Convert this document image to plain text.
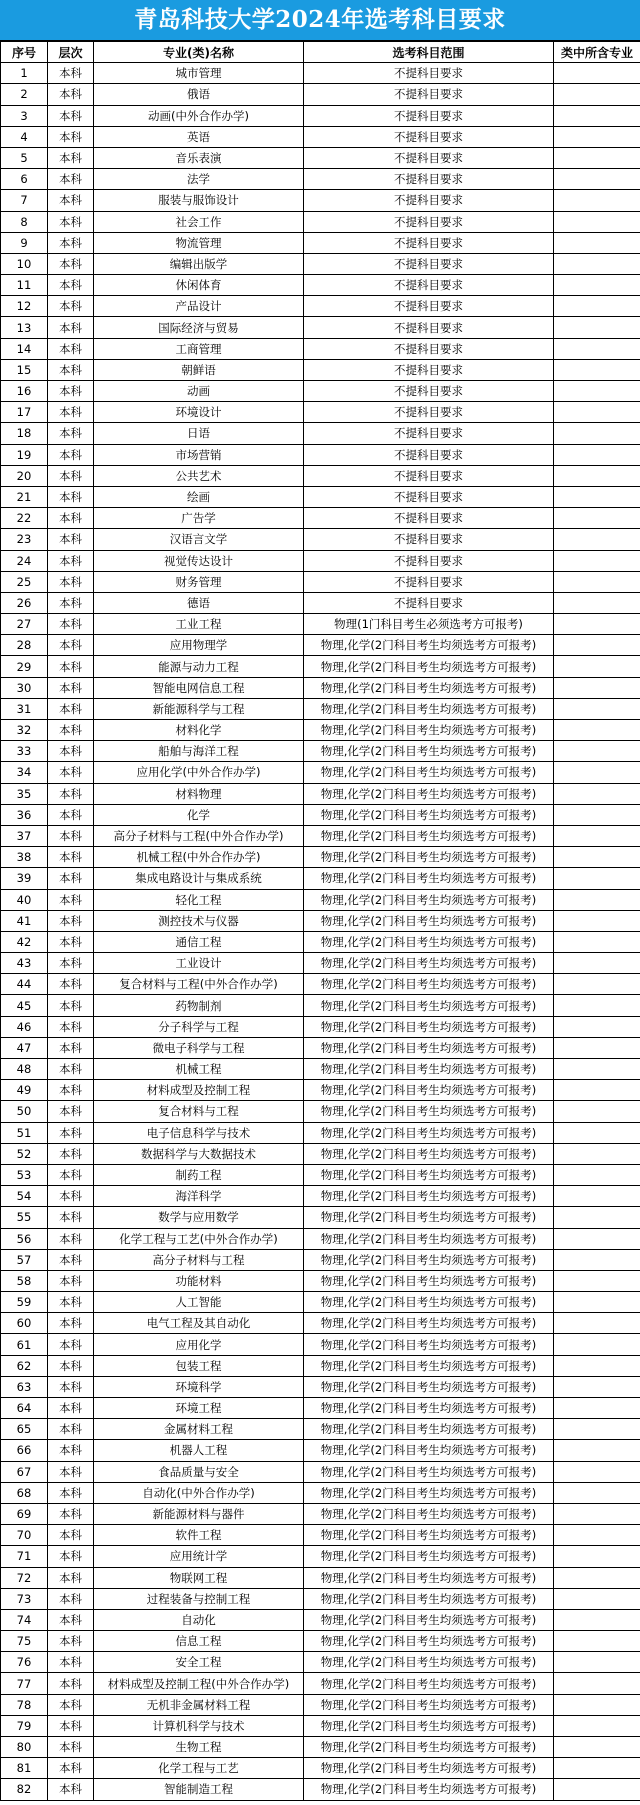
青岛科技大学2024年选考科目要求
序号	层次	专业(类)名称	选考科目范围	类中所含专业
1	本科	城市管理	不提科目要求	
2	本科	俄语	不提科目要求	
3	本科	动画(中外合作办学)	不提科目要求	
4	本科	英语	不提科目要求	
5	本科	音乐表演	不提科目要求	
6	本科	法学	不提科目要求	
7	本科	服装与服饰设计	不提科目要求	
8	本科	社会工作	不提科目要求	
9	本科	物流管理	不提科目要求	
10	本科	编辑出版学	不提科目要求	
11	本科	休闲体育	不提科目要求	
12	本科	产品设计	不提科目要求	
13	本科	国际经济与贸易	不提科目要求	
14	本科	工商管理	不提科目要求	
15	本科	朝鲜语	不提科目要求	
16	本科	动画	不提科目要求	
17	本科	环境设计	不提科目要求	
18	本科	日语	不提科目要求	
19	本科	市场营销	不提科目要求	
20	本科	公共艺术	不提科目要求	
21	本科	绘画	不提科目要求	
22	本科	广告学	不提科目要求	
23	本科	汉语言文学	不提科目要求	
24	本科	视觉传达设计	不提科目要求	
25	本科	财务管理	不提科目要求	
26	本科	德语	不提科目要求	
27	本科	工业工程	物理(1门科目考生必须选考方可报考)	
28	本科	应用物理学	物理,化学(2门科目考生均须选考方可报考)	
29	本科	能源与动力工程	物理,化学(2门科目考生均须选考方可报考)	
30	本科	智能电网信息工程	物理,化学(2门科目考生均须选考方可报考)	
31	本科	新能源科学与工程	物理,化学(2门科目考生均须选考方可报考)	
32	本科	材料化学	物理,化学(2门科目考生均须选考方可报考)	
33	本科	船舶与海洋工程	物理,化学(2门科目考生均须选考方可报考)	
34	本科	应用化学(中外合作办学)	物理,化学(2门科目考生均须选考方可报考)	
35	本科	材料物理	物理,化学(2门科目考生均须选考方可报考)	
36	本科	化学	物理,化学(2门科目考生均须选考方可报考)	
37	本科	高分子材料与工程(中外合作办学)	物理,化学(2门科目考生均须选考方可报考)	
38	本科	机械工程(中外合作办学)	物理,化学(2门科目考生均须选考方可报考)	
39	本科	集成电路设计与集成系统	物理,化学(2门科目考生均须选考方可报考)	
40	本科	轻化工程	物理,化学(2门科目考生均须选考方可报考)	
41	本科	测控技术与仪器	物理,化学(2门科目考生均须选考方可报考)	
42	本科	通信工程	物理,化学(2门科目考生均须选考方可报考)	
43	本科	工业设计	物理,化学(2门科目考生均须选考方可报考)	
44	本科	复合材料与工程(中外合作办学)	物理,化学(2门科目考生均须选考方可报考)	
45	本科	药物制剂	物理,化学(2门科目考生均须选考方可报考)	
46	本科	分子科学与工程	物理,化学(2门科目考生均须选考方可报考)	
47	本科	微电子科学与工程	物理,化学(2门科目考生均须选考方可报考)	
48	本科	机械工程	物理,化学(2门科目考生均须选考方可报考)	
49	本科	材料成型及控制工程	物理,化学(2门科目考生均须选考方可报考)	
50	本科	复合材料与工程	物理,化学(2门科目考生均须选考方可报考)	
51	本科	电子信息科学与技术	物理,化学(2门科目考生均须选考方可报考)	
52	本科	数据科学与大数据技术	物理,化学(2门科目考生均须选考方可报考)	
53	本科	制药工程	物理,化学(2门科目考生均须选考方可报考)	
54	本科	海洋科学	物理,化学(2门科目考生均须选考方可报考)	
55	本科	数学与应用数学	物理,化学(2门科目考生均须选考方可报考)	
56	本科	化学工程与工艺(中外合作办学)	物理,化学(2门科目考生均须选考方可报考)	
57	本科	高分子材料与工程	物理,化学(2门科目考生均须选考方可报考)	
58	本科	功能材料	物理,化学(2门科目考生均须选考方可报考)	
59	本科	人工智能	物理,化学(2门科目考生均须选考方可报考)	
60	本科	电气工程及其自动化	物理,化学(2门科目考生均须选考方可报考)	
61	本科	应用化学	物理,化学(2门科目考生均须选考方可报考)	
62	本科	包装工程	物理,化学(2门科目考生均须选考方可报考)	
63	本科	环境科学	物理,化学(2门科目考生均须选考方可报考)	
64	本科	环境工程	物理,化学(2门科目考生均须选考方可报考)	
65	本科	金属材料工程	物理,化学(2门科目考生均须选考方可报考)	
66	本科	机器人工程	物理,化学(2门科目考生均须选考方可报考)	
67	本科	食品质量与安全	物理,化学(2门科目考生均须选考方可报考)	
68	本科	自动化(中外合作办学)	物理,化学(2门科目考生均须选考方可报考)	
69	本科	新能源材料与器件	物理,化学(2门科目考生均须选考方可报考)	
70	本科	软件工程	物理,化学(2门科目考生均须选考方可报考)	
71	本科	应用统计学	物理,化学(2门科目考生均须选考方可报考)	
72	本科	物联网工程	物理,化学(2门科目考生均须选考方可报考)	
73	本科	过程装备与控制工程	物理,化学(2门科目考生均须选考方可报考)	
74	本科	自动化	物理,化学(2门科目考生均须选考方可报考)	
75	本科	信息工程	物理,化学(2门科目考生均须选考方可报考)	
76	本科	安全工程	物理,化学(2门科目考生均须选考方可报考)	
77	本科	材料成型及控制工程(中外合作办学)	物理,化学(2门科目考生均须选考方可报考)	
78	本科	无机非金属材料工程	物理,化学(2门科目考生均须选考方可报考)	
79	本科	计算机科学与技术	物理,化学(2门科目考生均须选考方可报考)	
80	本科	生物工程	物理,化学(2门科目考生均须选考方可报考)	
81	本科	化学工程与工艺	物理,化学(2门科目考生均须选考方可报考)	
82	本科	智能制造工程	物理,化学(2门科目考生均须选考方可报考)	
